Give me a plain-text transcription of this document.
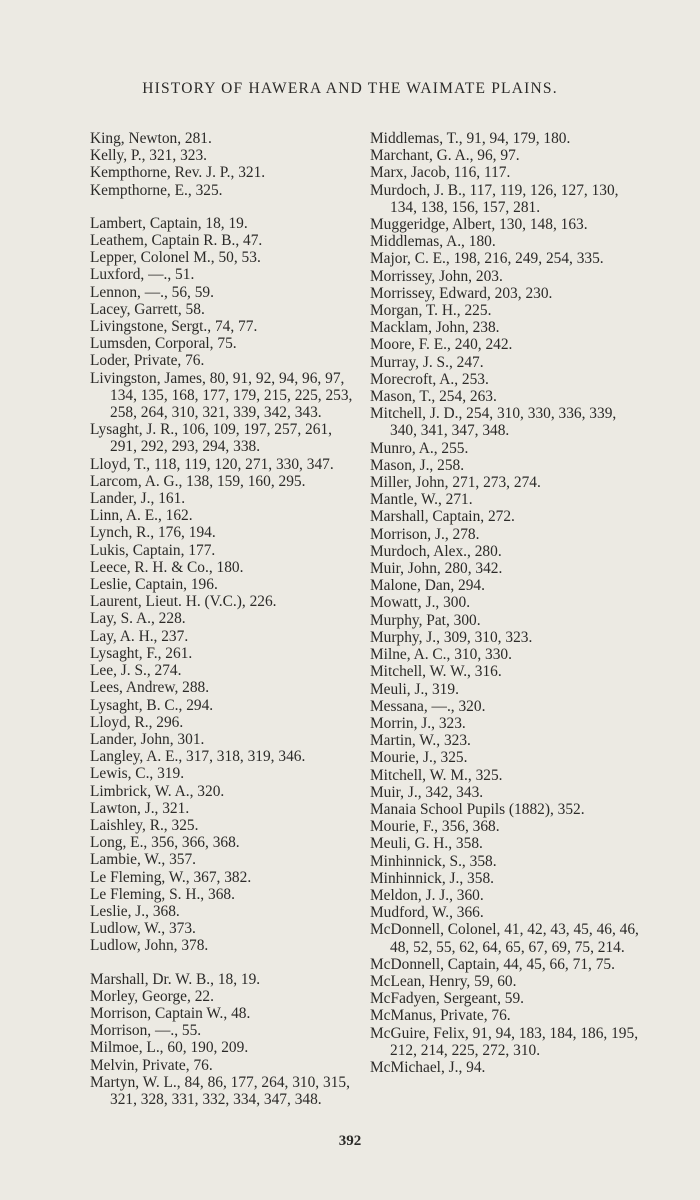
HISTORY OF HAWERA AND THE WAIMATE PLAINS.
King, Newton, 281.
Kelly, P., 321, 323.
Kempthorne, Rev. J. P., 321.
Kempthorne, E., 325.
Lambert, Captain, 18, 19.
Leathem, Captain R. B., 47.
Lepper, Colonel M., 50, 53.
Luxford, —., 51.
Lennon, —., 56, 59.
Lacey, Garrett, 58.
Livingstone, Sergt., 74, 77.
Lumsden, Corporal, 75.
Loder, Private, 76.
Livingston, James, 80, 91, 92, 94, 96, 97, 134, 135, 168, 177, 179, 215, 225, 253, 258, 264, 310, 321, 339, 342, 343.
Lysaght, J. R., 106, 109, 197, 257, 261, 291, 292, 293, 294, 338.
Lloyd, T., 118, 119, 120, 271, 330, 347.
Larcom, A. G., 138, 159, 160, 295.
Lander, J., 161.
Linn, A. E., 162.
Lynch, R., 176, 194.
Lukis, Captain, 177.
Leece, R. H. & Co., 180.
Leslie, Captain, 196.
Laurent, Lieut. H. (V.C.), 226.
Lay, S. A., 228.
Lay, A. H., 237.
Lysaght, F., 261.
Lee, J. S., 274.
Lees, Andrew, 288.
Lysaght, B. C., 294.
Lloyd, R., 296.
Lander, John, 301.
Langley, A. E., 317, 318, 319, 346.
Lewis, C., 319.
Limbrick, W. A., 320.
Lawton, J., 321.
Laishley, R., 325.
Long, E., 356, 366, 368.
Lambie, W., 357.
Le Fleming, W., 367, 382.
Le Fleming, S. H., 368.
Leslie, J., 368.
Ludlow, W., 373.
Ludlow, John, 378.
Marshall, Dr. W. B., 18, 19.
Morley, George, 22.
Morrison, Captain W., 48.
Morrison, —., 55.
Milmoe, L., 60, 190, 209.
Melvin, Private, 76.
Martyn, W. L., 84, 86, 177, 264, 310, 315, 321, 328, 331, 332, 334, 347, 348.
Middlemas, T., 91, 94, 179, 180.
Marchant, G. A., 96, 97.
Marx, Jacob, 116, 117.
Murdoch, J. B., 117, 119, 126, 127, 130, 134, 138, 156, 157, 281.
Muggeridge, Albert, 130, 148, 163.
Middlemas, A., 180.
Major, C. E., 198, 216, 249, 254, 335.
Morrissey, John, 203.
Morrissey, Edward, 203, 230.
Morgan, T. H., 225.
Macklam, John, 238.
Moore, F. E., 240, 242.
Murray, J. S., 247.
Morecroft, A., 253.
Mason, T., 254, 263.
Mitchell, J. D., 254, 310, 330, 336, 339, 340, 341, 347, 348.
Munro, A., 255.
Mason, J., 258.
Miller, John, 271, 273, 274.
Mantle, W., 271.
Marshall, Captain, 272.
Morrison, J., 278.
Murdoch, Alex., 280.
Muir, John, 280, 342.
Malone, Dan, 294.
Mowatt, J., 300.
Murphy, Pat, 300.
Murphy, J., 309, 310, 323.
Milne, A. C., 310, 330.
Mitchell, W. W., 316.
Meuli, J., 319.
Messana, —., 320.
Morrin, J., 323.
Martin, W., 323.
Mourie, J., 325.
Mitchell, W. M., 325.
Muir, J., 342, 343.
Manaia School Pupils (1882), 352.
Mourie, F., 356, 368.
Meuli, G. H., 358.
Minhinnick, S., 358.
Minhinnick, J., 358.
Meldon, J. J., 360.
Mudford, W., 366.
McDonnell, Colonel, 41, 42, 43, 45, 46, 46, 48, 52, 55, 62, 64, 65, 67, 69, 75, 214.
McDonnell, Captain, 44, 45, 66, 71, 75.
McLean, Henry, 59, 60.
McFadyen, Sergeant, 59.
McManus, Private, 76.
McGuire, Felix, 91, 94, 183, 184, 186, 195, 212, 214, 225, 272, 310.
McMichael, J., 94.
392
